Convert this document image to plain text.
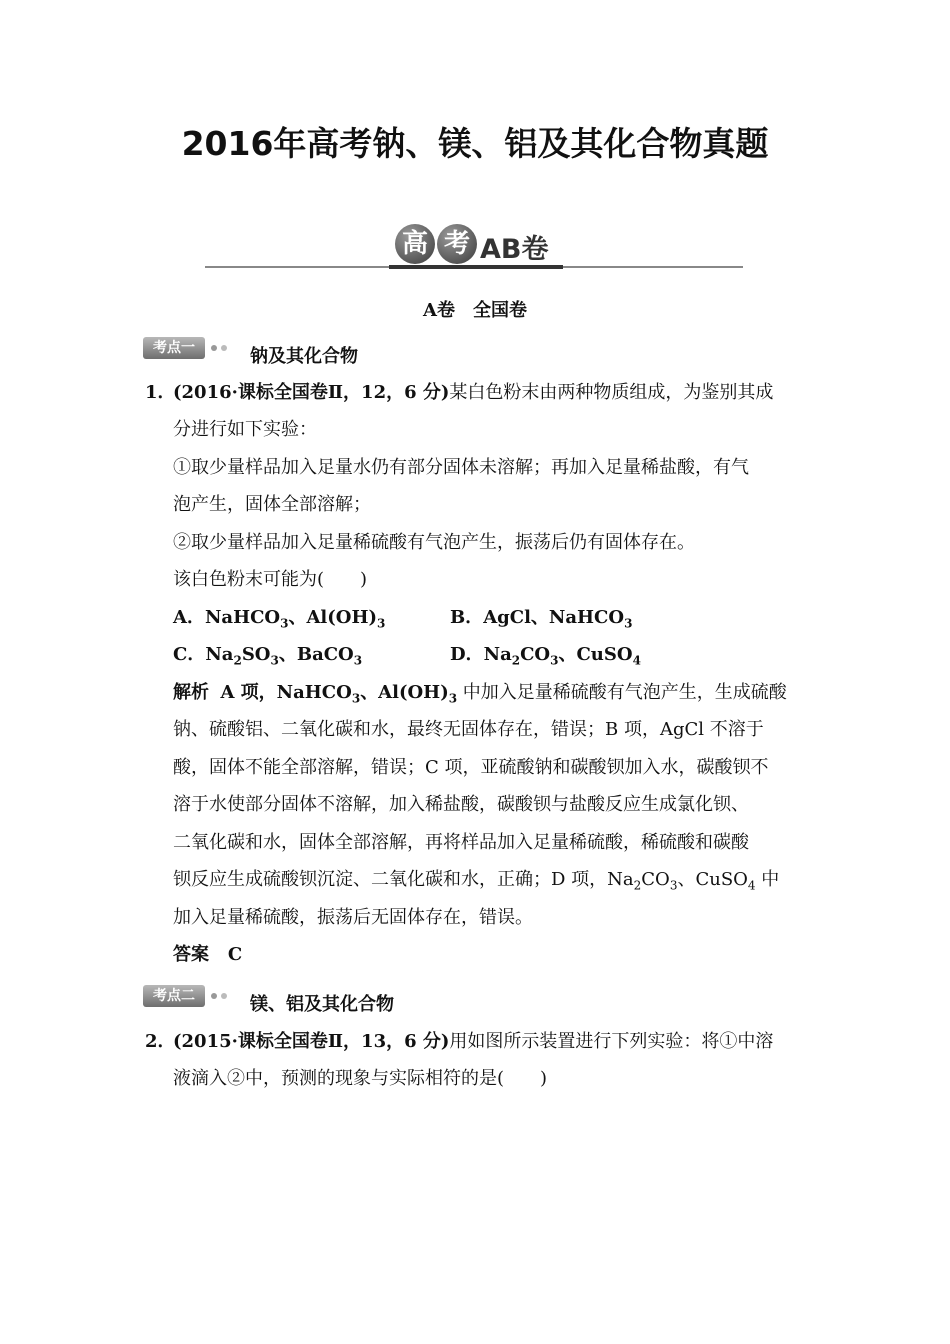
2016年高考钠、镁、铝及其化合物真题
高 考 AB卷
A卷　全国卷
考点一	钠及其化合物
1．
(2016·课标全国卷Ⅱ，12，6 分)某白色粉末由两种物质组成，为鉴别其成
分进行如下实验：
①取少量样品加入足量水仍有部分固体未溶解；再加入足量稀盐酸，有气
泡产生，固体全部溶解；
②取少量样品加入足量稀硫酸有气泡产生，振荡后仍有固体存在。
该白色粉末可能为(　　)
A．NaHCO$_3$、$Al(OH)_3$	B．AgCl、NaHCO$_3$
C．$Na_2SO_3$、BaCO$_3$	D．$Na_2CO_3$、CuSO$_4$
解析 A 项，NaHCO$_3$、$Al(OH)_3$ 中加入足量稀硫酸有气泡产生，生成硫酸
钠、硫酸铝、二氧化碳和水，最终无固体存在，错误；B 项，AgCl 不溶于
酸，固体不能全部溶解，错误；C 项，亚硫酸钠和碳酸钡加入水，碳酸钡不
溶于水使部分固体不溶解，加入稀盐酸，碳酸钡与盐酸反应生成氯化钡、
二氧化碳和水，固体全部溶解，再将样品加入足量稀硫酸，稀硫酸和碳酸
钡反应生成硫酸钡沉淀、二氧化碳和水，正确；D 项，$Na_2CO_3$、CuSO$_4$ 中
加入足量稀硫酸，振荡后无固体存在，错误。
答案 C
考点二	镁、铝及其化合物
2．
(2015·课标全国卷Ⅱ，13，6 分)用如图所示装置进行下列实验：将①中溶
液滴入②中，预测的现象与实际相符的是(　　)
